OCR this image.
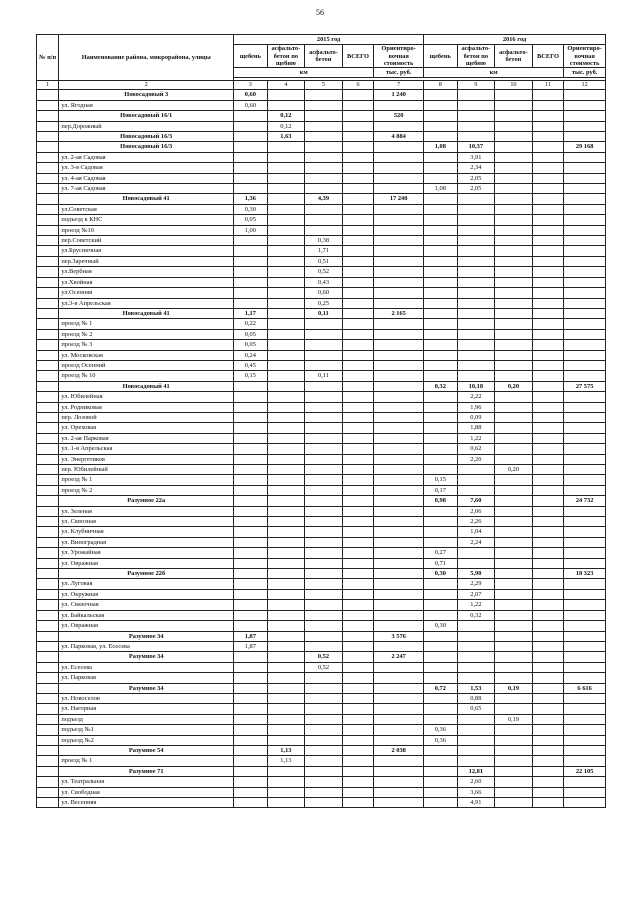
56
№ п/п	Наименование района, микрорайона, улицы	2015 год					2016 год				
		щебень	асфальто-бетон по щебню	асфальто-бетон	ВСЕГО	Ориентиро-вочная стоимость	щебень	асфальто-бетон по щебню	асфальто-бетон	ВСЕГО	Ориентиро-вочная стоимость
		км				тыс. руб.	км				тыс. руб.

1	2	3	4	5	6	7	8	9	10	11	12
	Новосадовый 3	0,60				1 240					
	ул. Ягодная	0,60									
	Новосадовый 16/1		0,12			520					
	пер.Дорожный		0,12								
	Новосадовый 16/3		1,63			4 884					
	Новосадовый 16/3						1,08	10,37			29 168
	ул. 2-ая Садовая							3,91			
	ул. 3-я Садовая							2,34			
	ул. 4-ая Садовая							2,05			
	ул. 7-ая Садовая						1,08	2,05			
	Новосадовый 41	1,36		4,39		17 240					
	ул.Советская	0,30									
	подъезд к КНС	0,05									
	проезд №10	1,00									
	пер.Советский			0,38							
	ул.Брусничная			1,71							
	пер.Заречный			0,51							
	ул.Вербная			0,52							
	ул.Хвойная			0,43							
	ул.Осенняя			0,60							
	ул.3-я Апрельская			0,25							
	Новосадовый 41	1,17		0,11		2 165					
	проезд № 1	0,22									
	проезд № 2	0,05									
	проезд № 3	0,05									
	ул. Московская	0,24									
	проезд Осенний	0,45									
	проезд № 10	0,15		0,11							
	Новосадовый 41						0,32	10,18	0,20		27 575
	ул. Юбилейная							2,22			
	ул. Родниковая							1,96			
	пер. Лозовой							0,09			
	ул. Ореховая							1,88			
	ул. 2-ая Парковая							1,22			
	ул. 1-я Апрельская							0,62			
	ул. Энергетиков							2,20			
	пер. Юбилейный								0,20		
	проезд № 1						0,15				
	проезд № 2						0,17				
	Разумное 22а						0,98	7,60			24 732
	ул. Зеленая							2,06			
	ул. Сквозная							2,26			
	ул. Клубничная							1,04			
	ул. Виноградная							2,24			
	ул. Урожайная						0,27				
	ул. Овражная						0,71				
	Разумное 22б						0,30	5,90			18 323
	ул. Луговая							2,29			
	ул. Окружная							2,07			
	ул. Связочная							1,22			
	ул. Байкальская							0,32			
	ул. Овражная						0,30				
	Разумное 34	1,87				3 576					
	ул. Парковая, ул. Есесева	1,87									
	Разумное 34			0,52		2 247					
	ул. Есесева			0,52							
	ул. Парковая										
	Разумное 34						0,72	1,53	0,19		6 616
	ул. Новоселов							0,88			
	ул. Нагорная							0,65			
	подъезд								0,19		
	подъезд №1						0,36				
	подъезд №2						0,36				
	Разумное 54		1,13			2 038					
	проезд № 1		1,13								
	Разумное 71							12,81			22 105
	ул. Театральная							2,60			
	ул. Свободная							3,66			
	ул. Весенняя							4,91			
